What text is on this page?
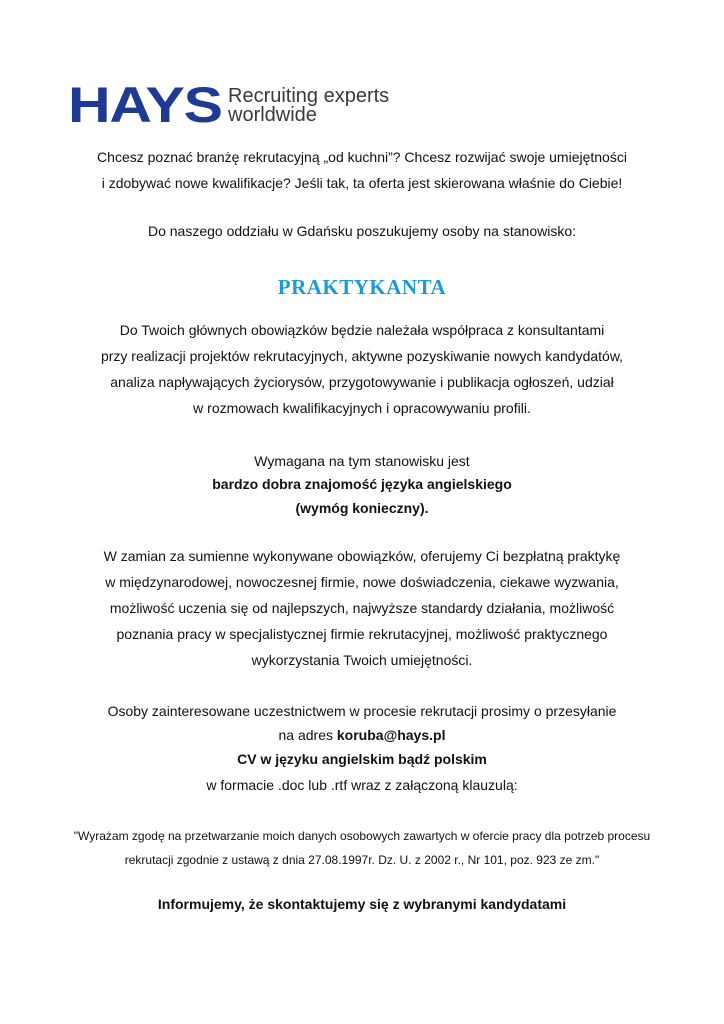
HAYS Recruiting experts
worldwide
Chcesz poznać branżę rekrutacyjną „od kuchni”? Chcesz rozwijać swoje umiejętności
i zdobywać nowe kwalifikacje? Jeśli tak, ta oferta jest skierowana właśnie do Ciebie!
Do naszego oddziału w Gdańsku poszukujemy osoby na stanowisko:
PRAKTYKANTA
Do Twoich głównych obowiązków będzie należała współpraca z konsultantami
przy realizacji projektów rekrutacyjnych, aktywne pozyskiwanie nowych kandydatów,
analiza napływających życiorysów, przygotowywanie i publikacja ogłoszeń, udział
w rozmowach kwalifikacyjnych i opracowywaniu profili.
Wymagana na tym stanowisku jest
bardzo dobra znajomość języka angielskiego
(wymóg konieczny).
W zamian za sumienne wykonywane obowiązków, oferujemy Ci bezpłatną praktykę
w międzynarodowej, nowoczesnej firmie, nowe doświadczenia, ciekawe wyzwania,
możliwość uczenia się od najlepszych, najwyższe standardy działania, możliwość
poznania pracy w specjalistycznej firmie rekrutacyjnej, możliwość praktycznego
wykorzystania Twoich umiejętności.
Osoby zainteresowane uczestnictwem w procesie rekrutacji prosimy o przesyłanie
na adres koruba@hays.pl
CV w języku angielskim bądź polskim
w formacie .doc lub .rtf wraz z załączoną klauzulą:
"Wyrażam zgodę na przetwarzanie moich danych osobowych zawartych w ofercie pracy dla potrzeb procesu
rekrutacji zgodnie z ustawą z dnia 27.08.1997r. Dz. U. z 2002 r., Nr 101, poz. 923 ze zm."
Informujemy, że skontaktujemy się z wybranymi kandydatami
